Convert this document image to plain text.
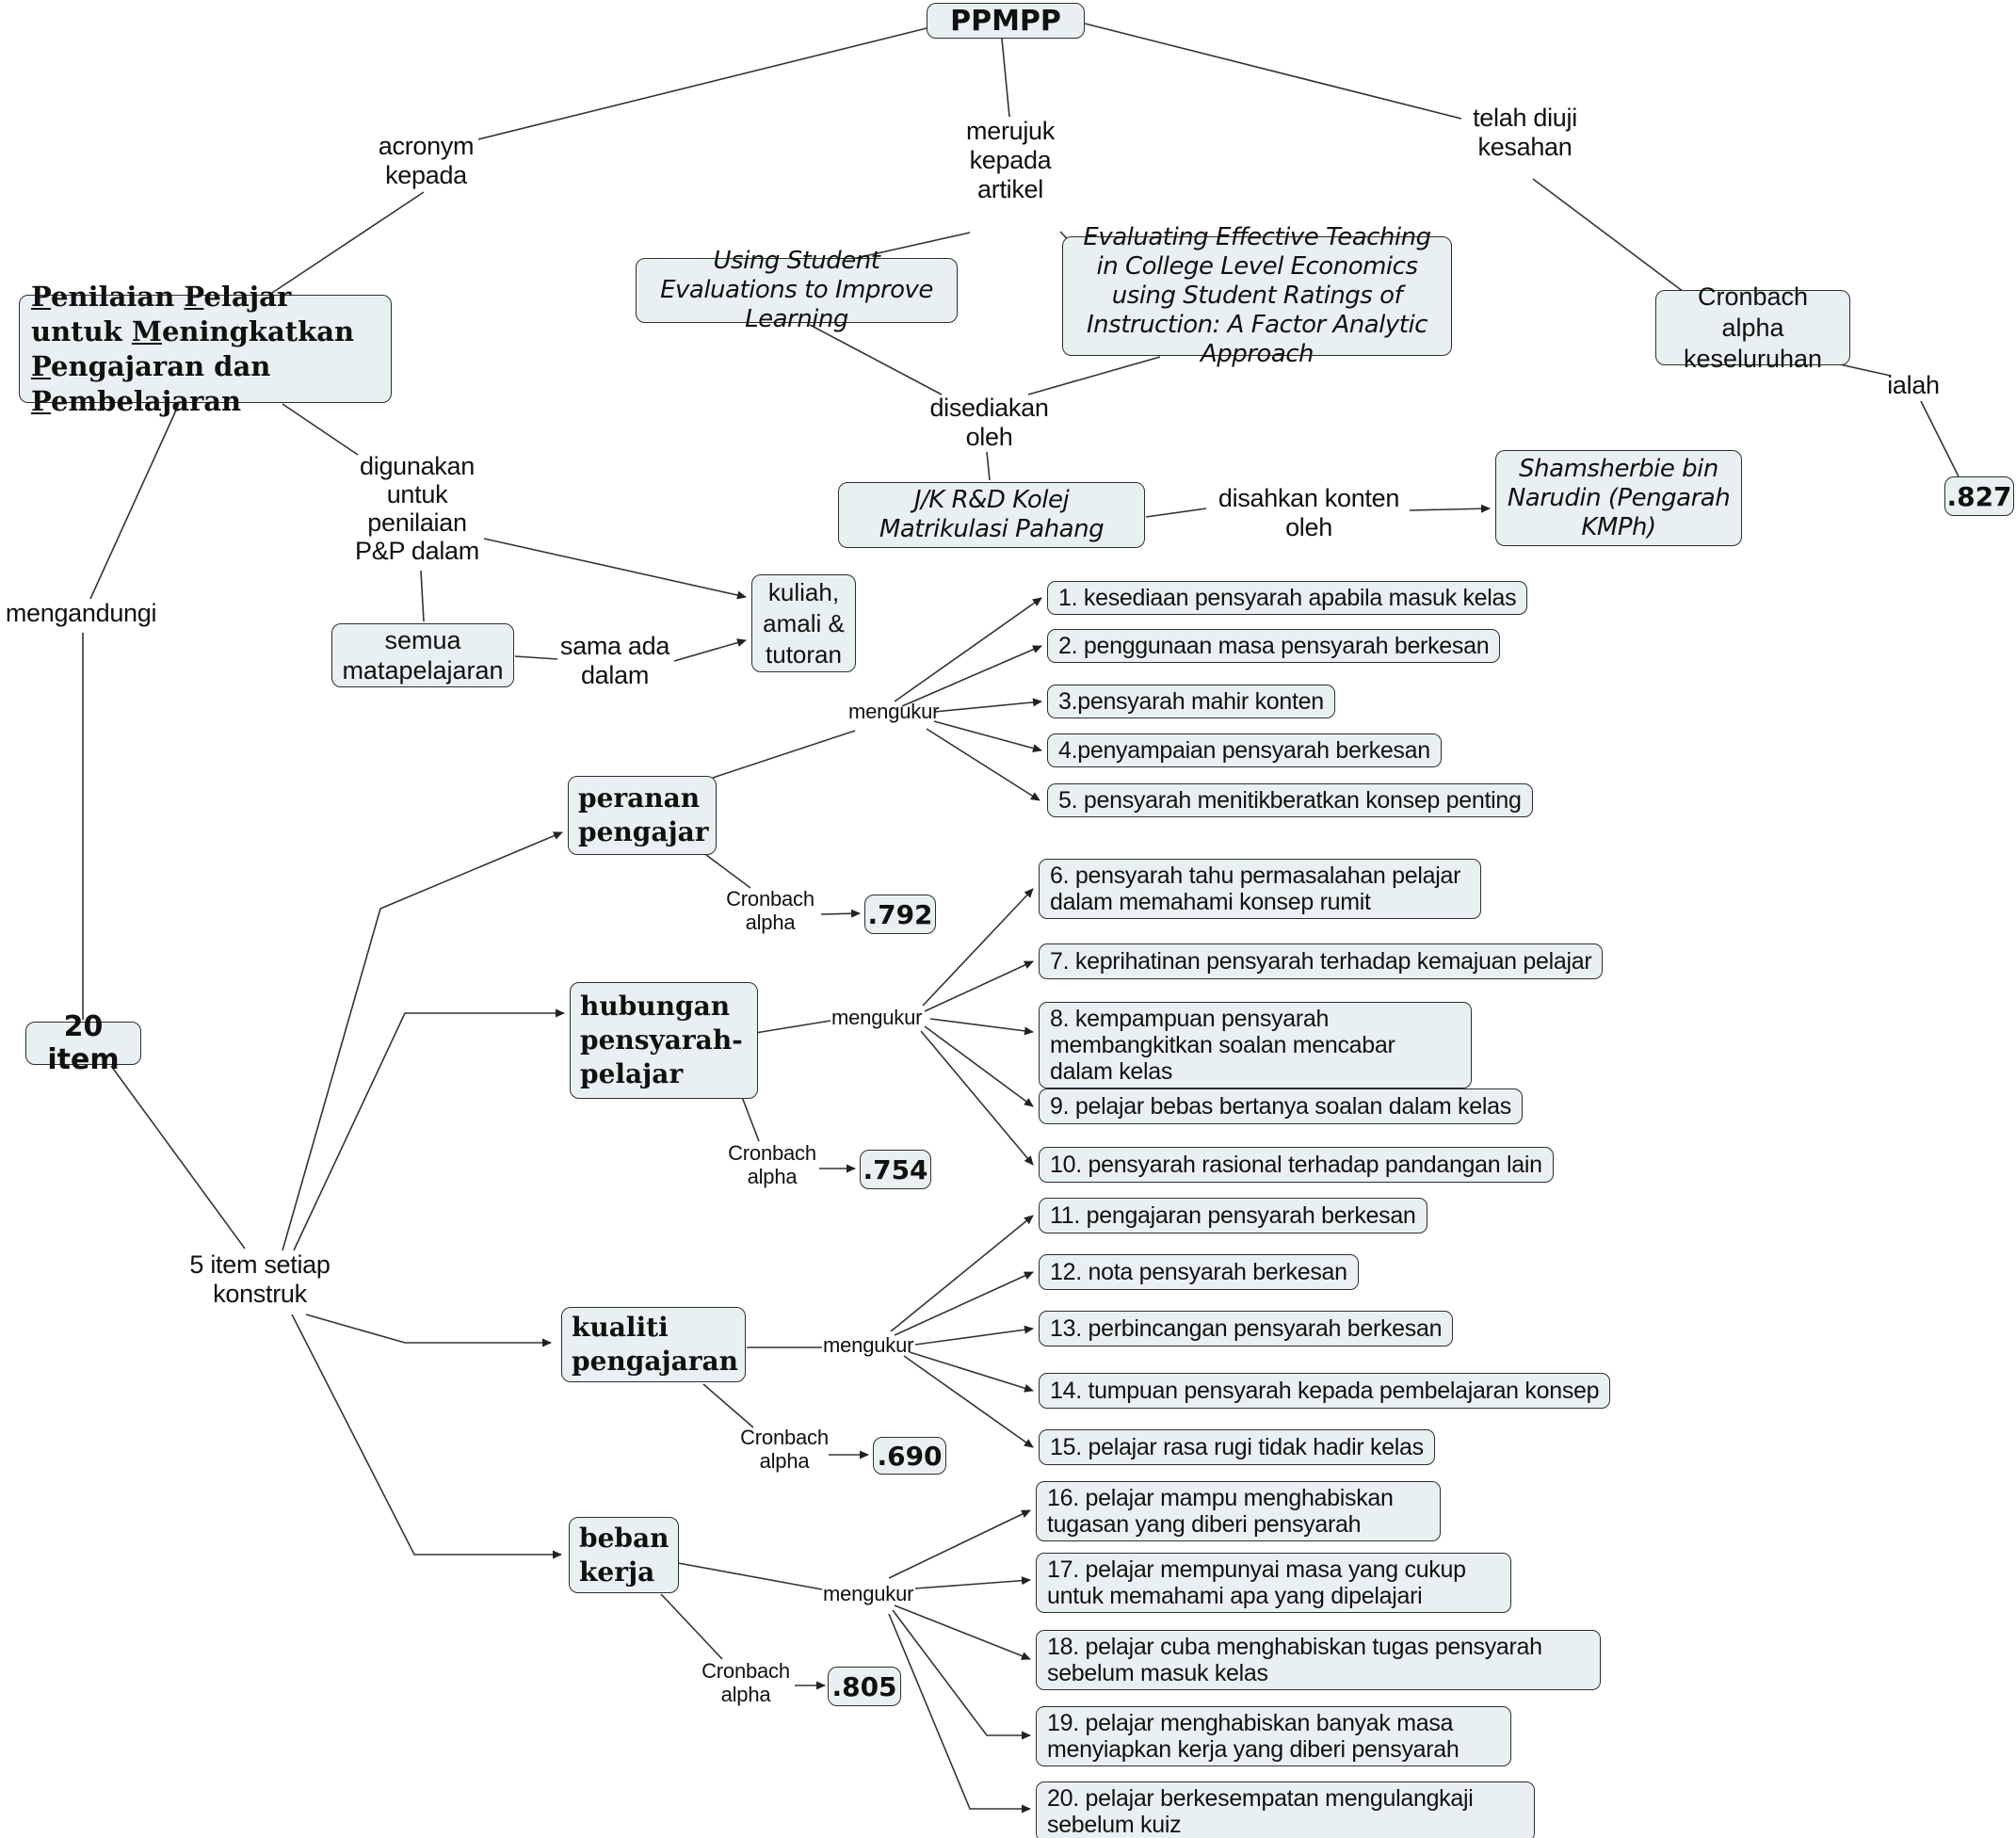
PPMPP
Penilaian Pelajar untuk Meningkatkan Pengajaran dan Pembelajaran
Using Student Evaluations to Improve Learning
Evaluating Effective Teaching in College Level Economics using Student Ratings of Instruction: A Factor Analytic Approach
J/K R&D Kolej Matrikulasi Pahang
Shamsherbie bin Narudin (Pengarah KMPh)
Cronbach alpha keseluruhan
.827
semua matapelajaran
kuliah, amali & tutoran
20 item
peranan pengajar
hubungan pensyarah-pelajar
kualiti pengajaran
beban kerja
.792
.754
.690
.805
1. kesediaan pensyarah apabila masuk kelas
2. penggunaan masa pensyarah berkesan
3.pensyarah mahir konten
4.penyampaian pensyarah berkesan
5. pensyarah menitikberatkan konsep penting
6. pensyarah tahu permasalahan pelajar dalam memahami konsep rumit
7. keprihatinan pensyarah terhadap kemajuan pelajar
8. kempampuan pensyarah membangkitkan soalan mencabar dalam kelas
9. pelajar bebas bertanya soalan dalam kelas
10. pensyarah rasional terhadap pandangan lain
11. pengajaran pensyarah berkesan
12. nota pensyarah berkesan
13. perbincangan pensyarah berkesan
14. tumpuan pensyarah kepada pembelajaran konsep
15. pelajar rasa rugi tidak hadir kelas
16. pelajar mampu menghabiskan tugasan yang diberi pensyarah
17. pelajar mempunyai masa yang cukup untuk memahami apa yang dipelajari
18. pelajar cuba menghabiskan tugas pensyarah sebelum masuk kelas
19. pelajar menghabiskan banyak masa menyiapkan kerja yang diberi pensyarah
20. pelajar berkesempatan mengulangkaji sebelum kuiz
acronym kepada
merujuk kepada artikel
telah diuji kesahan
ialah
disediakan oleh
disahkan konten oleh
digunakan untuk penilaian P&P dalam
mengandungi
sama ada dalam
5 item setiap konstruk
mengukur
mengukur
mengukur
mengukur
Cronbach alpha
Cronbach alpha
Cronbach alpha
Cronbach alpha
